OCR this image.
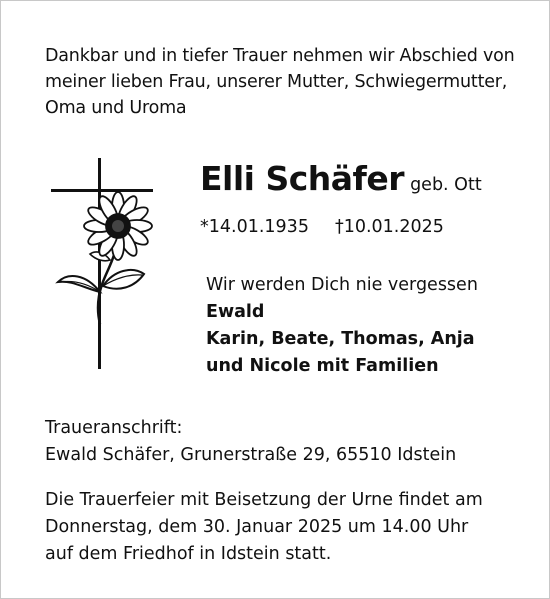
Dankbar und in tiefer Trauer nehmen wir Abschied von
meiner lieben Frau, unserer Mutter, Schwiegermutter,
Oma und Uroma
Elli Schäfer geb. Ott
*14.01.1935 †10.01.2025
Wir werden Dich nie vergessen
Ewald
Karin, Beate, Thomas, Anja
und Nicole mit Familien
Traueranschrift:
Ewald Schäfer, Grunerstraße 29, 65510 Idstein
Die Trauerfeier mit Beisetzung der Urne findet am
Donnerstag, dem 30. Januar 2025 um 14.00 Uhr
auf dem Friedhof in Idstein statt.
